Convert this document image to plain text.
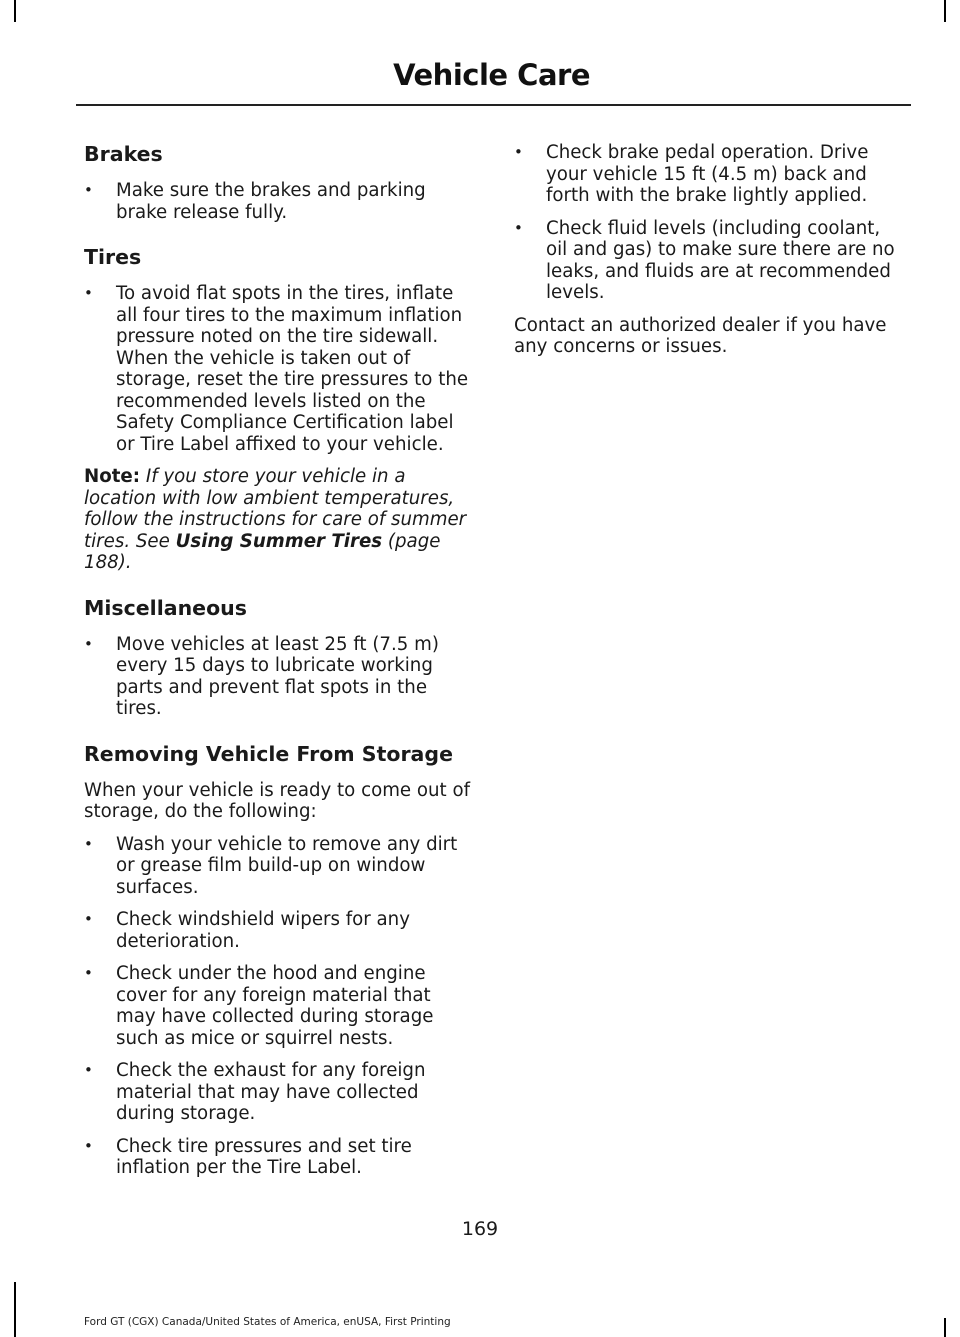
Vehicle Care
Brakes
• Make sure the brakes and parking brake release fully.
Tires
• To avoid flat spots in the tires, inflate all four tires to the maximum inflation pressure noted on the tire sidewall. When the vehicle is taken out of storage, reset the tire pressures to the recommended levels listed on the Safety Compliance Certification label or Tire Label affixed to your vehicle.

Note: If you store your vehicle in a location with low ambient temperatures, follow the instructions for care of summer tires. See Using Summer Tires (page 188).

Miscellaneous
• Move vehicles at least 25 ft (7.5 m) every 15 days to lubricate working parts and prevent flat spots in the tires.
Removing Vehicle From Storage

When your vehicle is ready to come out of storage, do the following:

• Wash your vehicle to remove any dirt or grease film build-up on window surfaces.
• Check windshield wipers for any deterioration.
• Check under the hood and engine cover for any foreign material that may have collected during storage such as mice or squirrel nests.
• Check the exhaust for any foreign material that may have collected during storage.
• Check tire pressures and set tire inflation per the Tire Label.
• Check brake pedal operation. Drive your vehicle 15 ft (4.5 m) back and forth with the brake lightly applied.
• Check fluid levels (including coolant, oil and gas) to make sure there are no leaks, and fluids are at recommended levels.

Contact an authorized dealer if you have any concerns or issues.

169
Ford GT (CGX) Canada/United States of America, enUSA, First Printing
